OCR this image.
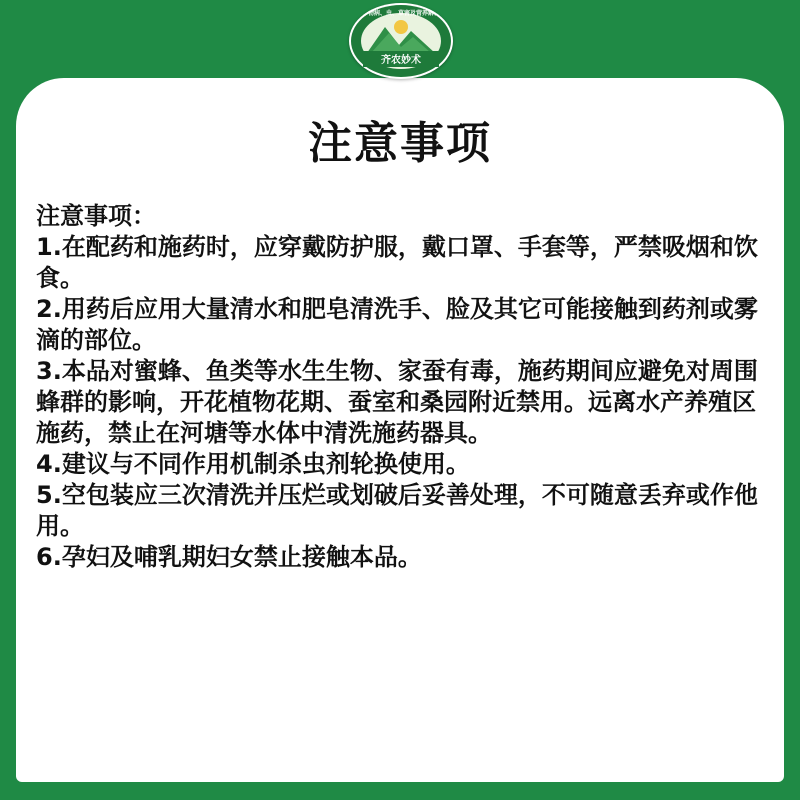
提供作物病、虫、草害及营养解决方案
齐农妙术
注意事项

注意事项：

1.在配药和施药时，应穿戴防护服，戴口罩、手套等，严禁吸烟和饮食。

2.用药后应用大量清水和肥皂清洗手、脸及其它可能接触到药剂或雾滴的部位。

3.本品对蜜蜂、鱼类等水生生物、家蚕有毒，施药期间应避免对周围蜂群的影响，开花植物花期、蚕室和桑园附近禁用。远离水产养殖区施药，禁止在河塘等水体中清洗施药器具。

4.建议与不同作用机制杀虫剂轮换使用。

5.空包装应三次清洗并压烂或划破后妥善处理，不可随意丢弃或作他用。

6.孕妇及哺乳期妇女禁止接触本品。
